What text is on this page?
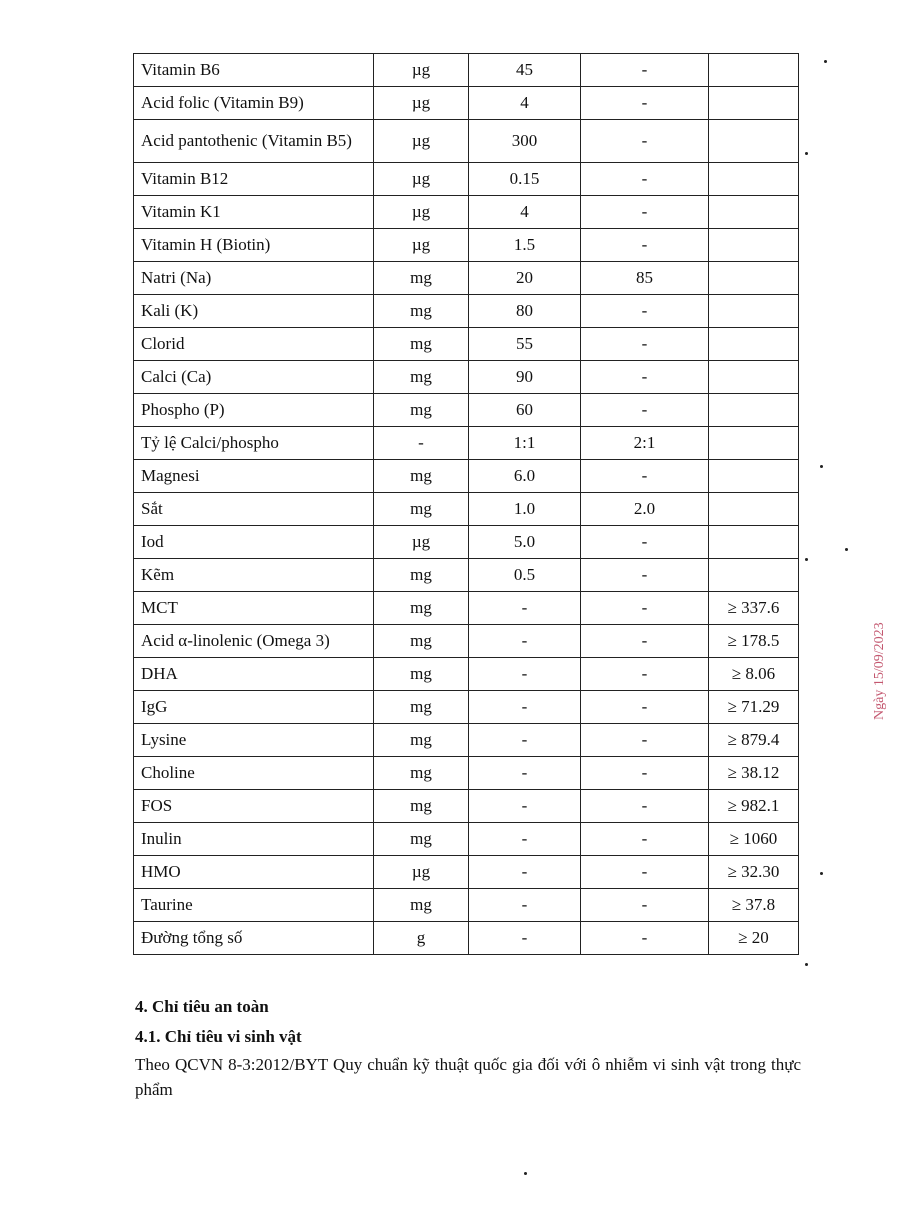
Vitamin B6	µg	45	-	
Acid folic (Vitamin B9)	µg	4	-	
Acid pantothenic (Vitamin B5)	µg	300	-	
Vitamin B12	µg	0.15	-	
Vitamin K1	µg	4	-	
Vitamin H (Biotin)	µg	1.5	-	
Natri (Na)	mg	20	85	
Kali (K)	mg	80	-	
Clorid	mg	55	-	
Calci (Ca)	mg	90	-	
Phospho (P)	mg	60	-	
Tỷ lệ Calci/phospho	-	1:1	2:1	
Magnesi	mg	6.0	-	
Sắt	mg	1.0	2.0	
Iod	µg	5.0	-	
Kẽm	mg	0.5	-	
MCT	mg	-	-	≥ 337.6
Acid α-linolenic (Omega 3)	mg	-	-	≥ 178.5
DHA	mg	-	-	≥ 8.06
IgG	mg	-	-	≥ 71.29
Lysine	mg	-	-	≥ 879.4
Choline	mg	-	-	≥ 38.12
FOS	mg	-	-	≥ 982.1
Inulin	mg	-	-	≥ 1060
HMO	µg	-	-	≥ 32.30
Taurine	mg	-	-	≥ 37.8
Đường tổng số	g	-	-	≥ 20
4. Chỉ tiêu an toàn
4.1. Chỉ tiêu vi sinh vật
Theo QCVN 8-3:2012/BYT Quy chuẩn kỹ thuật quốc gia đối với ô nhiễm vi sinh vật trong thực phẩm
Ngày 15/09/2023
